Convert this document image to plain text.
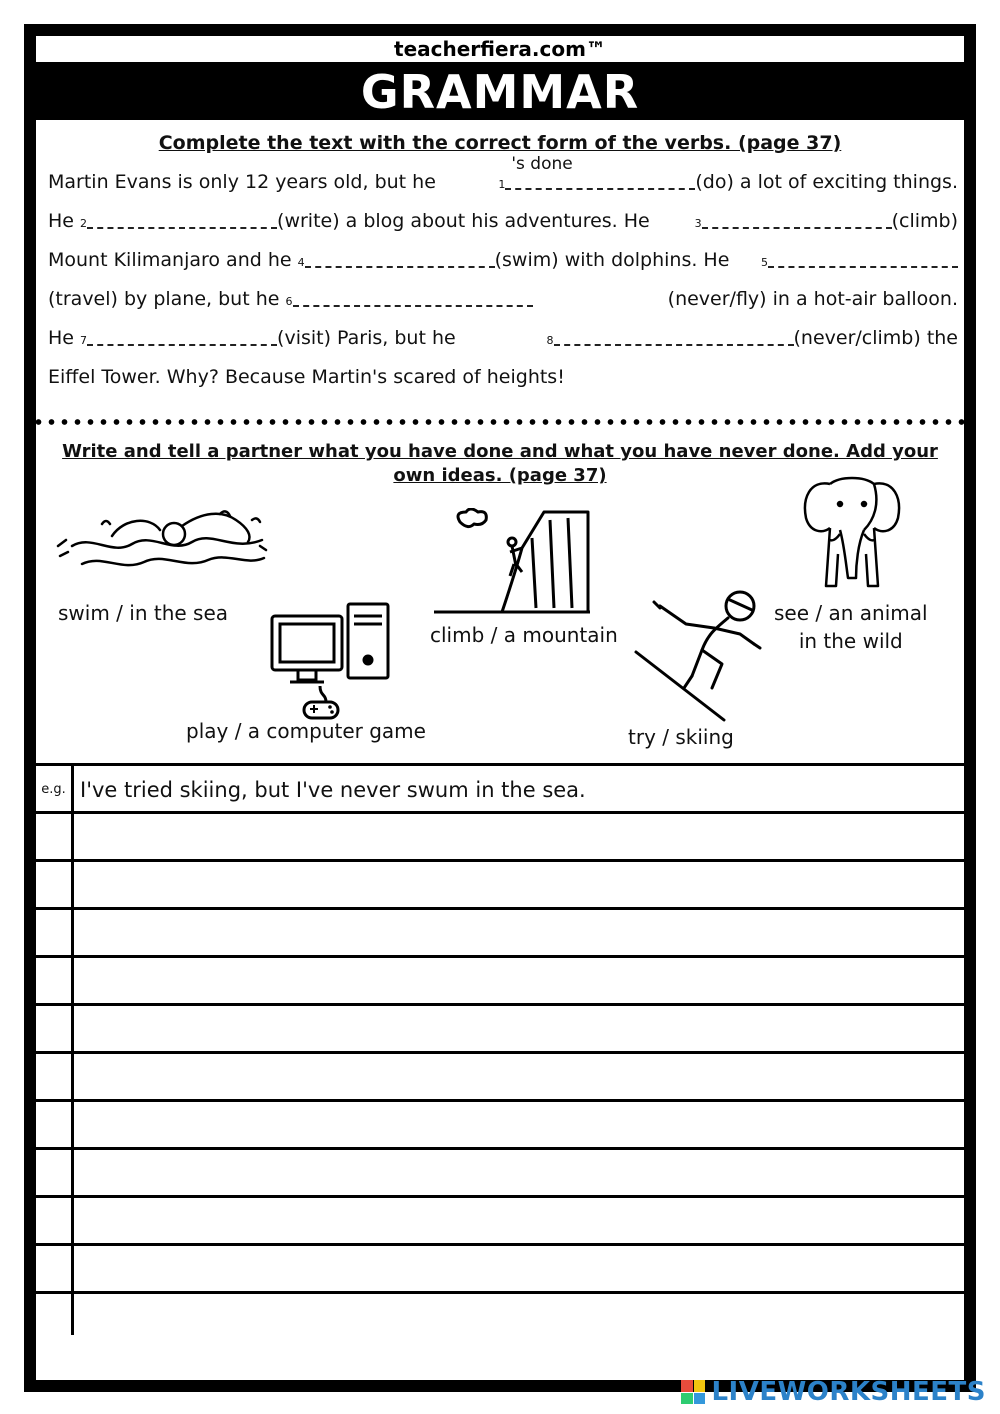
teacherfiera.com™
GRAMMAR
Complete the text with the correct form of the verbs. (page 37)
Martin Evans is only 12 years old, but he	1
's done
(do) a lot of exciting things.
He 2	(write) a blog about his adventures. He	3	(climb)
Mount Kilimanjaro and he 4	(swim) with dolphins. He	5
(travel) by plane, but he 6	(never/fly) in a hot-air balloon.
He 7	(visit) Paris, but he	8	(never/climb) the
Eiffel Tower. Why? Because Martin's scared of heights!
Write and tell a partner what you have done and what you have never done. Add your
own ideas. (page 37)
swim / in the sea
play / a computer game
climb / a mountain
try / skiing
see / an animal
in the wild
e.g. I've tried skiing, but I've never swum in the sea.
LIVEWORKSHEETS
